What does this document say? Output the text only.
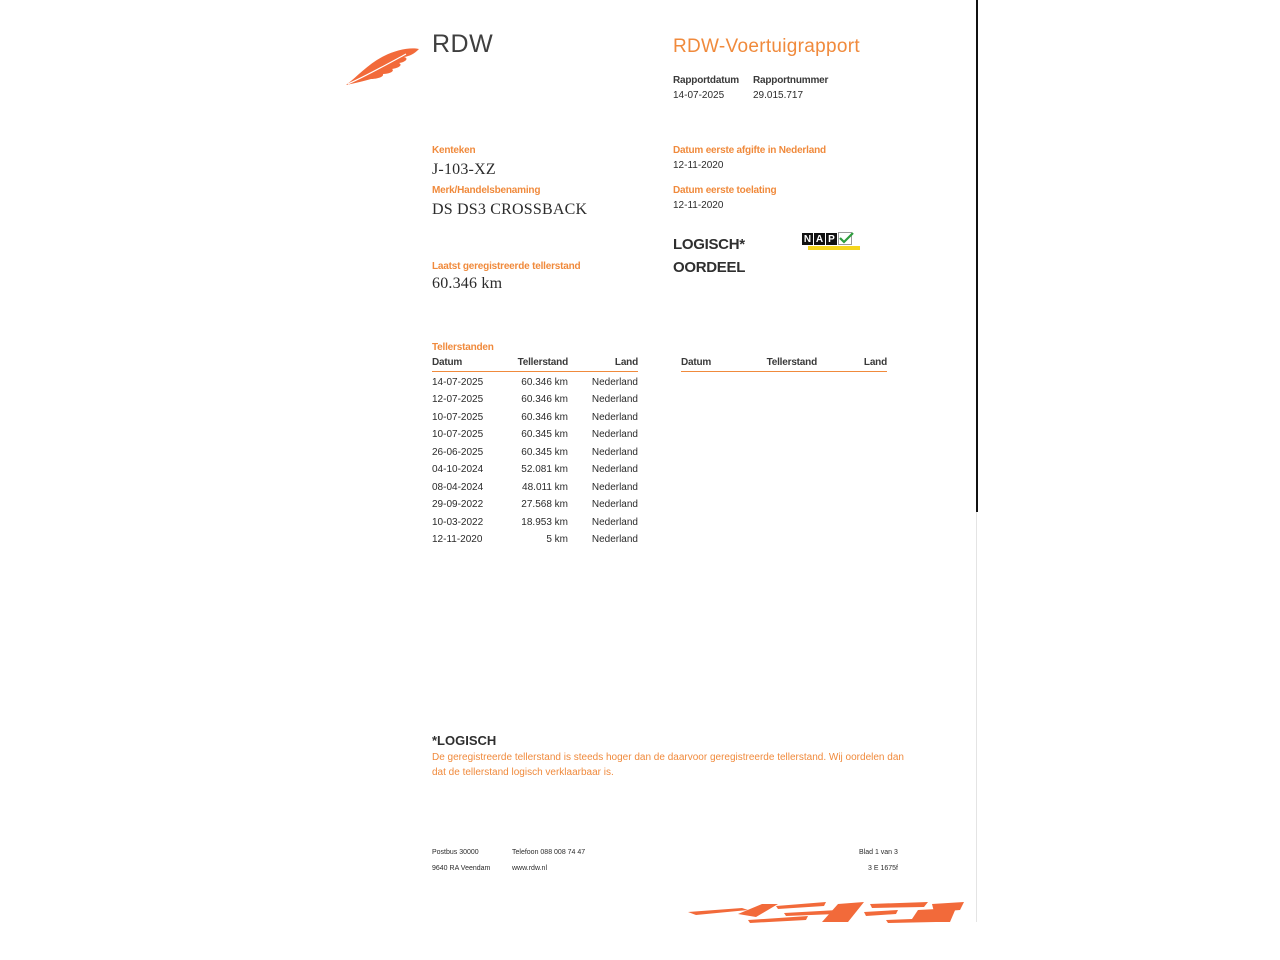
RDW	RDW-Voertuigrapport
Rapportdatum Rapportnummer
14-07-2025	29.015.717
Kenteken
J-103-XZ
Merk/Handelsbenaming
DS DS3 CROSSBACK
Datum eerste afgifte in Nederland
12-11-2020
Datum eerste toelating
12-11-2020
LOGISCH*
OORDEEL
N A P
Laatst geregistreerde tellerstand
60.346 km
Tellerstanden
Datum	Tellerstand	Land
14-07-2025	60.346 km Nederland
12-07-2025	60.346 km Nederland
10-07-2025	60.346 km Nederland
10-07-2025	60.345 km Nederland
26-06-2025	60.345 km Nederland
04-10-2024	52.081 km Nederland
08-04-2024	48.011 km Nederland
29-09-2022	27.568 km Nederland
10-03-2022	18.953 km Nederland
12-11-2020	5 km Nederland
Datum	Tellerstand	Land
*LOGISCH
De geregistreerde tellerstand is steeds hoger dan de daarvoor geregistreerde tellerstand. Wij oordelen dan
dat de tellerstand logisch verklaarbaar is.
Postbus 30000
9640 RA Veendam
Telefoon 088 008 74 47
www.rdw.nl
Blad 1 van 3
3 E 1675f
